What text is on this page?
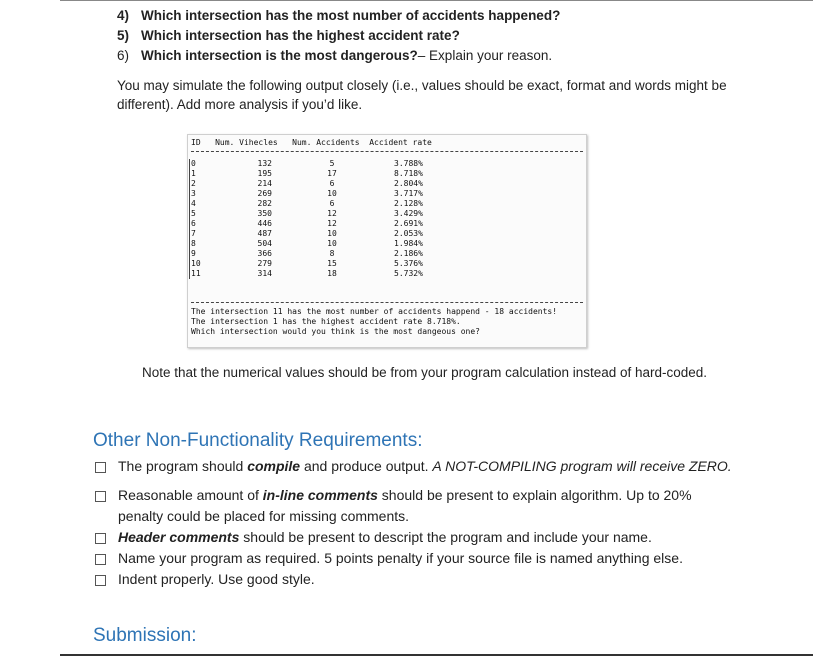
4) Which intersection has the most number of accidents happened?
5) Which intersection has the highest accident rate?
6) Which intersection is the most dangerous? – Explain your reason.
You may simulate the following output closely (i.e., values should be exact, format and words might be different). Add more analysis if you’d like.
ID   Num. Vihecles   Num. Accidents  Accident rate
0	132	5	3.788%
1	195	17	8.718%
2	214	6	2.804%
3	269	10	3.717%
4	282	6	2.128%
5	350	12	3.429%
6	446	12	2.691%
7	487	10	2.053%
8	504	10	1.984%
9	366	8	2.186%
10	279	15	5.376%
11	314	18	5.732%
The intersection 11 has the most number of accidents happend - 18 accidents!
The intersection 1 has the highest accident rate 8.718%.
Which intersection would you think is the most dangeous one?
Note that the numerical values should be from your program calculation instead of hard-coded.
Other Non-Functionality Requirements:
The program should compile and produce output. A NOT-COMPILING program will receive ZERO.
Reasonable amount of in-line comments should be present to explain algorithm. Up to 20% penalty could be placed for missing comments.
Header comments should be present to descript the program and include your name.
Name your program as required. 5 points penalty if your source file is named anything else.
Indent properly. Use good style.
Submission:
